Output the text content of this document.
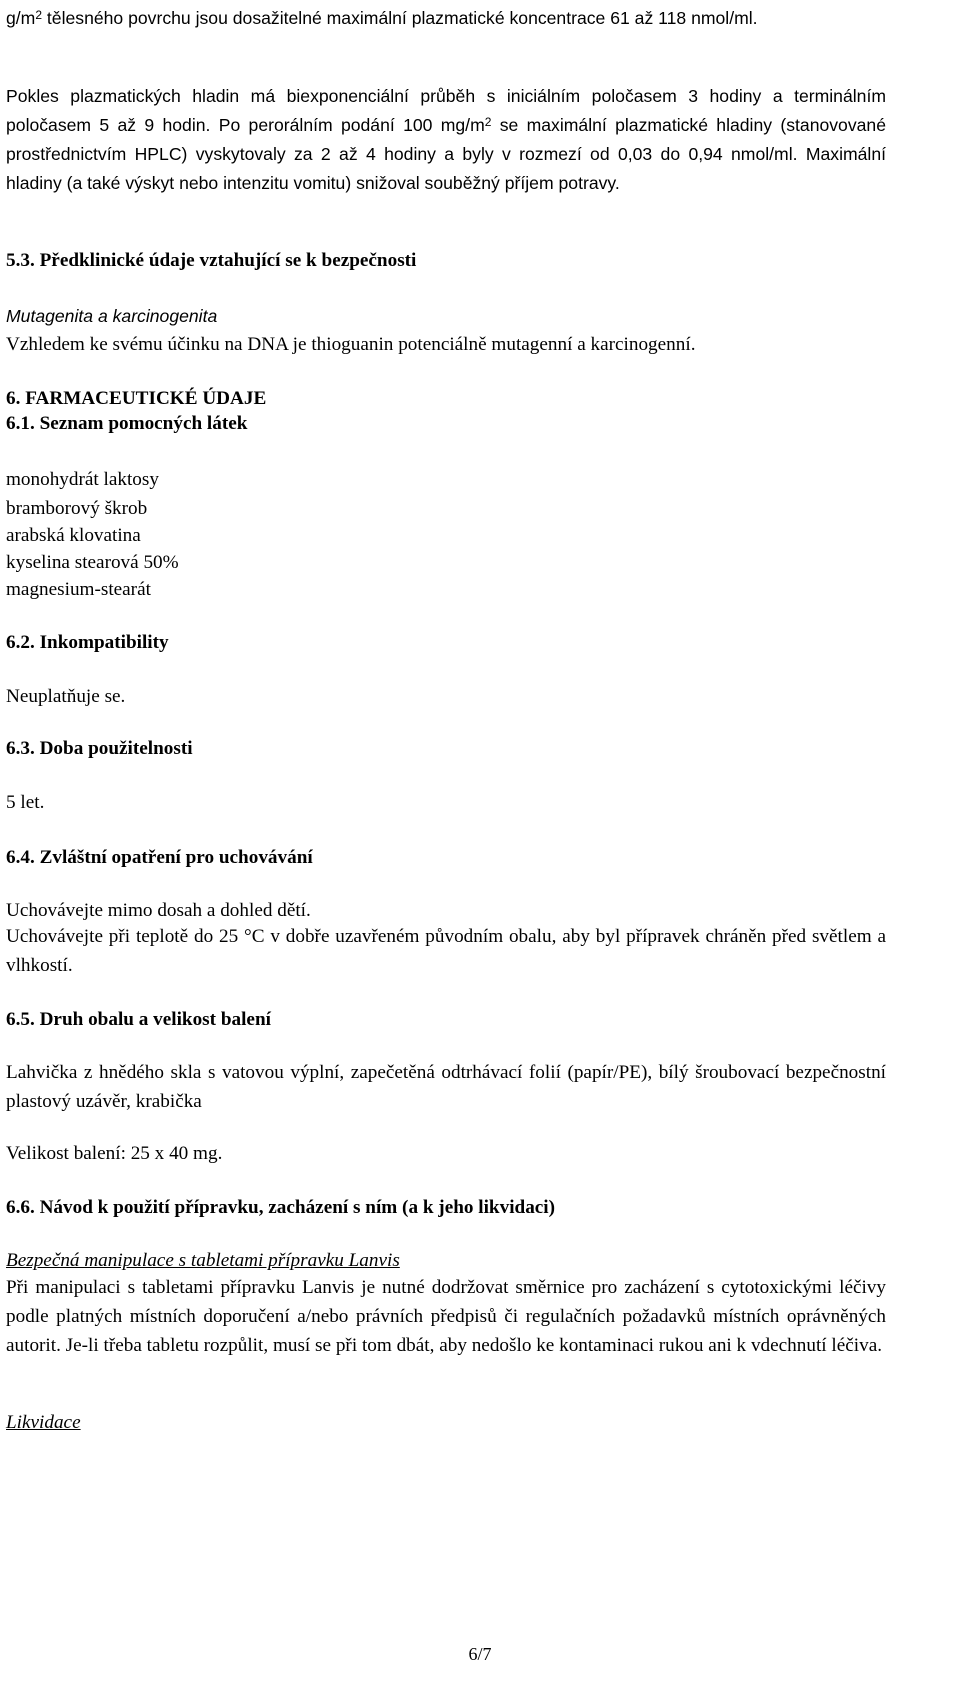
$g/m^2$ tělesného povrchu jsou dosažitelné maximální plazmatické koncentrace 61 až 118 nmol/ml.

Pokles plazmatických hladin má biexponenciální průběh s iniciálním poločasem 3 hodiny a terminálním poločasem 5 až 9 hodin. Po perorálním podání 100 $mg/m^2$ se maximální plazmatické hladiny (stanovované prostřednictvím HPLC) vyskytovaly za 2 až 4 hodiny a byly v rozmezí od 0,03 do 0,94 nmol/ml. Maximální hladiny (a také výskyt nebo intenzitu vomitu) snižoval souběžný příjem potravy.

5.3. Předklinické údaje vztahující se k bezpečnosti

Mutagenita a karcinogenita

Vzhledem ke svému účinku na DNA je thioguanin potenciálně mutagenní a karcinogenní.

6. FARMACEUTICKÉ ÚDAJE

6.1. Seznam pomocných látek

monohydrát laktosy

bramborový škrob

arabská klovatina

kyselina stearová 50%

magnesium-stearát

6.2. Inkompatibility

Neuplatňuje se.

6.3. Doba použitelnosti

5 let.

6.4. Zvláštní opatření pro uchovávání

Uchovávejte mimo dosah a dohled dětí.

Uchovávejte při teplotě do 25 °C v dobře uzavřeném původním obalu, aby byl přípravek chráněn před světlem a vlhkostí.

6.5. Druh obalu a velikost balení

Lahvička z hnědého skla s vatovou výplní, zapečetěná odtrhávací folií (papír/PE), bílý šroubovací bezpečnostní plastový uzávěr, krabička

Velikost balení: 25 x 40 mg.

6.6. Návod k použití přípravku, zacházení s ním (a k jeho likvidaci)

Bezpečná manipulace s tabletami přípravku Lanvis

Při manipulaci s tabletami přípravku Lanvis je nutné dodržovat směrnice pro zacházení s cytotoxickými léčivy podle platných místních doporučení a/nebo právních předpisů či regulačních požadavků místních oprávněných autorit. Je-li třeba tabletu rozpůlit, musí se při tom dbát, aby nedošlo ke kontaminaci rukou ani k vdechnutí léčiva.

Likvidace

6/7
